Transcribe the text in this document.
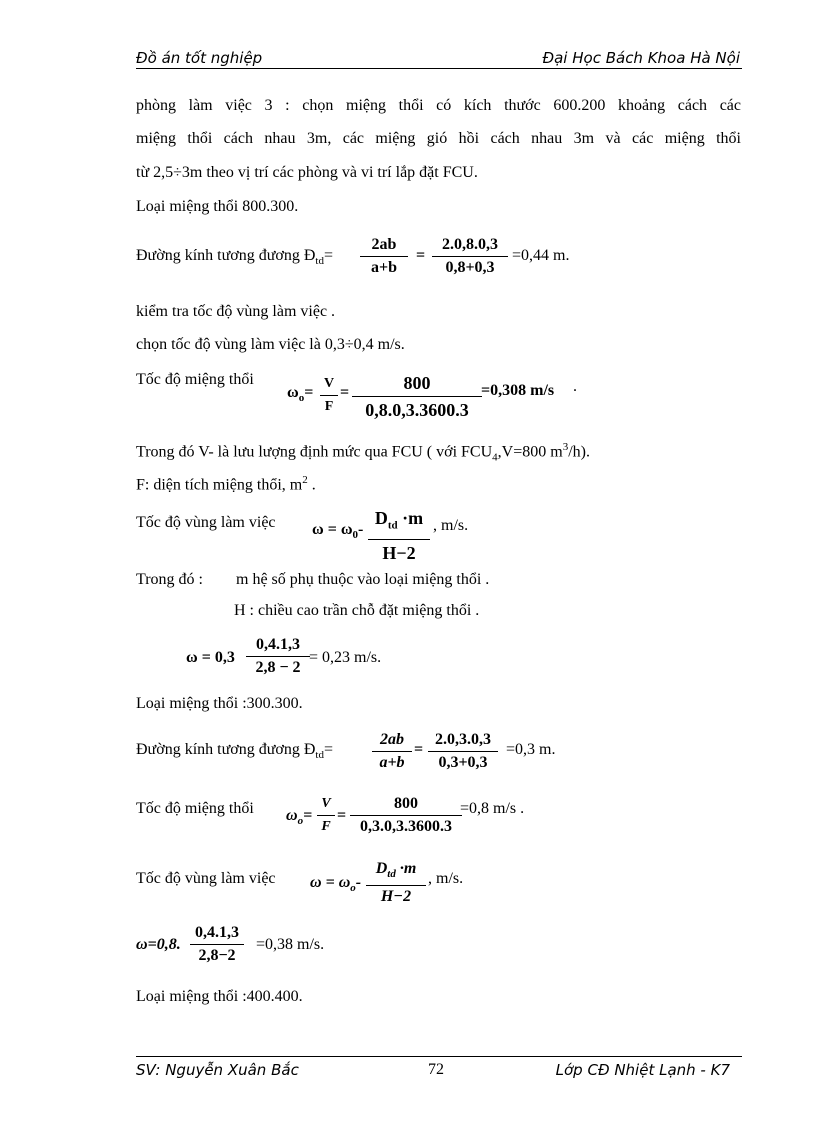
Đồ án tốt nghiệp	Đại Học Bách Khoa Hà Nội
phòng làm việc 3 : chọn miệng thổi có kích thước 600.200 khoảng cách các
miệng thổi cách nhau 3m, các miệng gió hồi cách nhau 3m và các miệng thổi
từ 2,5÷3m theo vị trí các phòng và vi trí lắp đặt FCU.
Loại miệng thổi 800.300.
Đường kính tương đương $Đ_{td}=$
2ab
a+b
=
2.0,8.0,3
0,8+0,3
=0,44 m.
kiểm tra tốc độ vùng làm việc .
chọn tốc độ vùng làm việc là 0,3÷0,4 m/s.
Tốc độ miệng thổi
$\omega_o=$
V
F
=	800
0,8.0,3.3600.3
=0,308 m/s .
Trong đó V- là lưu lượng định mức qua FCU ( với $FCU_4,V=800$ $m^3/h$).
F: diện tích miệng thổi, $m^2$ .
Tốc độ vùng làm việc $\omega = \omega_0-$
$D_{td} \cdot m$
H−2
, m/s.
Trong đó : m hệ số phụ thuộc vào loại miệng thổi .
H : chiều cao trần chỗ đặt miệng thổi .
ω = 0,3
0,4.1,3
2,8 − 2
= 0,23 m/s.
Loại miệng thổi :300.300.
Đường kính tương đương $Đ_{td}=$
2ab
a+b
=
2.0,3.0,3
0,3+0,3
=0,3 m.
Tốc độ miệng thổi $\omega_o=$
V
F
=
800
0,3.0,3.3600.3
=0,8 m/s .
Tốc độ vùng làm việc $\omega = \omega_o-$
$D_{td} \cdot m$
H−2
, m/s.
ω=0,8.
0,4.1,3
2,8−2
=0,38 m/s.
Loại miệng thổi :400.400.
SV: Nguyễn Xuân Bắc	72	Lớp CĐ Nhiệt Lạnh - K7
